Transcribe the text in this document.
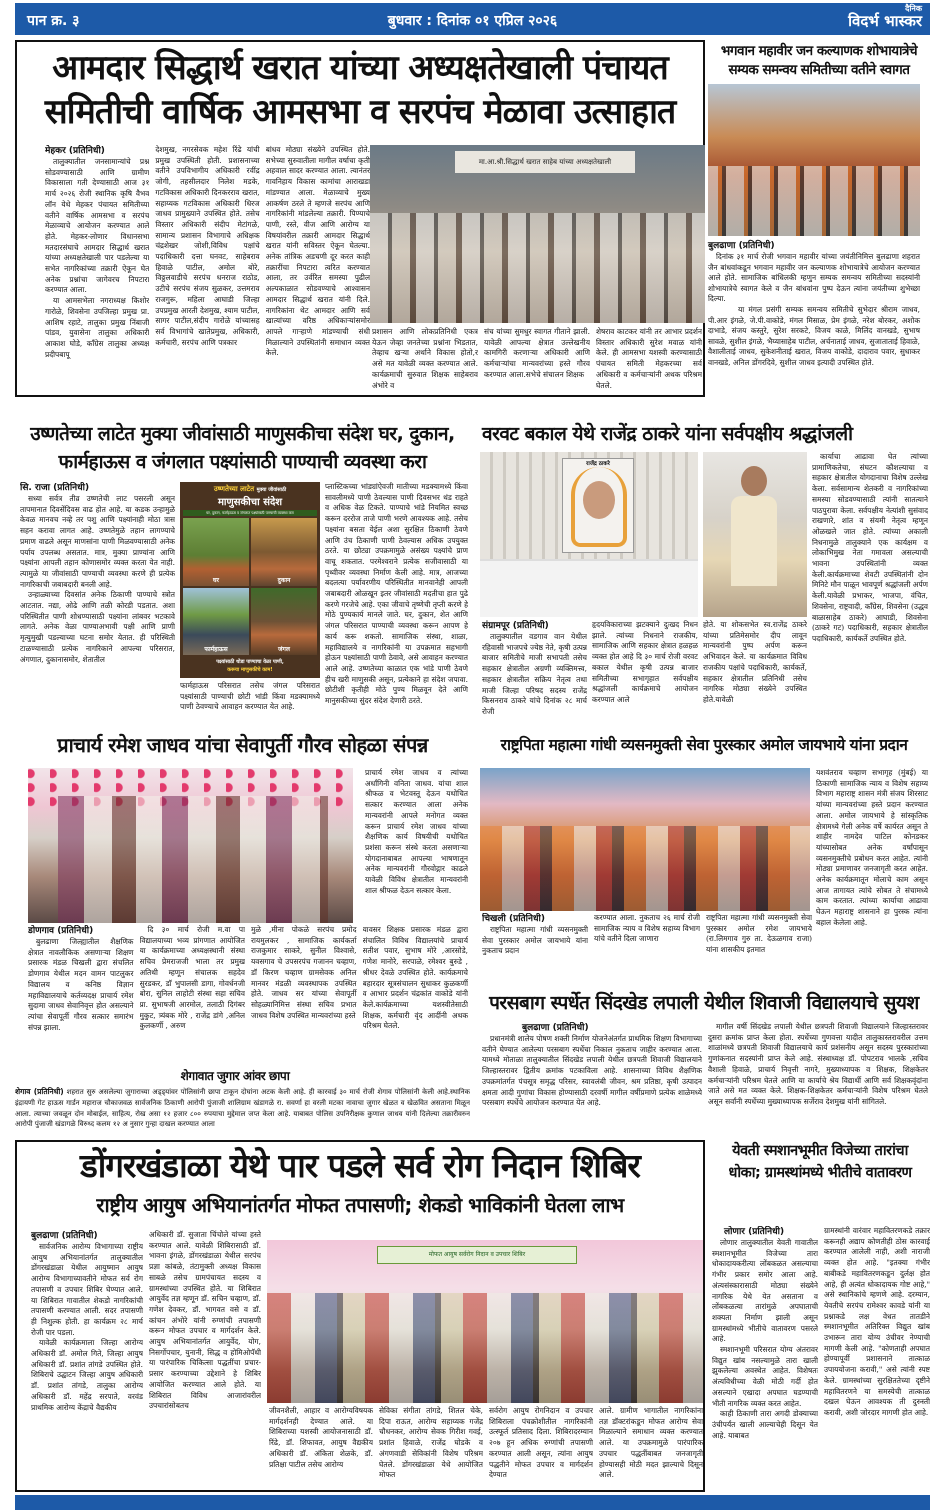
पान क्र. ३	बुधवार : दिनांक ०१ एप्रिल २०२६
दैनिक
विदर्भ भास्कर
आमदार सिद्धार्थ खरात यांच्या अध्यक्षतेखाली पंचायत
समितीची वार्षिक आमसभा व सरपंच मेळावा उत्साहात
मेहकर (प्रतिनिधी)

तालुक्यातील जनसामान्यांचे प्रश्न सोडवण्यासाठी आणि ग्रामीण विकासाला गती देण्यासाठी आज ३१ मार्च २०२६ रोजी स्थानिक कृषि वैभव लॉन येथे मेहकर पंचायत समितीच्या वतीने वार्षिक आमसभा व सरपंच मेळाव्याचे आयोजन करण्यात आले होते. मेहकर-लोणार विधानसभा मतदारसंघाचे आमदार सिद्धार्थ खरात यांच्या अध्यक्षतेखाली पार पडलेल्या या सभेत नागरिकांच्या तक्रारी ऐकून घेत अनेक प्रश्नांचा जागेवरच निपटारा करण्यात आला.

या आमसभेला नगराध्यक्ष किशोर गारोळे, शिवसेना उपजिल्हा प्रमुख प्रा. आशिष रहाटे, तालुका प्रमुख निंबाजी पांडव, युवासेना तालुका अधिकारी आकाश घोडे, काँग्रेस तालुका अध्यक्ष प्रदीपबापू

देशमुख, नगरसेवक महेश रिंढे यांची प्रमुख उपस्थिती होती. प्रशासनाच्या वतीने उपविभागीय अधिकारी रवींद्र जोगी, तहसीलदार निलेश मडके, गटविकास अधिकारी दिनकरराव खरात, सहाय्यक गटविकास अधिकारी धिरज जाधव प्रामुख्याने उपस्थित होते. तसेच विस्तार अधिकारी संदीप मेटांगळे, सामान्य प्रशासन विभागाचे अधिक्षक चंद्रशेखर जोशी,विविध पक्षांचे पदाधिकारी दत्ता घनवट, साहेबराव हिवाळे पाटील, अमोल बोरे, विठ्ठलवाडीचे सरपंच धनराज राठोड, उटीचे सरपंच संजय सुळकर, उत्तमराव राजगुरू, महिला आघाडी जिल्हा उपप्रमुख आरती देशमुख, श्याम पाटील, सागर पाटील,संदीप गारोळे यांच्यासह सर्व विभागांचे खातेप्रमुख, अधिकारी, कर्मचारी, सरपंच आणि पत्रकार

बांधव मोठ्या संख्येने उपस्थित होते. सभेच्या सुरुवातीला मागील वर्षाचा कृती अहवाल सादर करण्यात आला. त्यानंतर गावनिहाय विकास कामांचा आराखडा मांडण्यात आला. मेळाव्याचे मुख्य आकर्षण ठरले ते म्हणजे सरपंच आणि नागरिकांनी मांडलेल्या तक्रारी. पिण्याचे पाणी, रस्ते, वीज आणि आरोग्य या विषयांवरील तक्रारी आमदार सिद्धार्थ खरात यांनी सविस्तर ऐकून घेतल्या. अनेक तांत्रिक अडचणी दूर करत काही तक्रारींचा निपटारा त्वरित करण्यात आला, तर उर्वरित समस्या पुढील अल्पकाळात सोडवण्याचे आश्वासन आमदार सिद्धार्थ खरात यांनी दिले. नागरिकांना थेट आमदार आणि सर्व खात्यांच्या वरिष्ठ अधिकाऱ्यांसमोर आपले गाऱ्हाणे मांडण्याची संधी मिळाल्याने उपस्थितांनी समाधान व्यक्त केले.

मा.आ.श्री.सिद्धार्थ खरात साहेब यांच्या अध्यक्षतेखाली

प्रशासन आणि लोकप्रतिनिधी एकत्र येऊन जेव्हा जनतेच्या प्रश्नांना भिडतात, तेव्हाच खऱ्या अर्थाने विकास होतो,र असे मत यावेळी व्यक्त करण्यात आले. कार्यक्रमाची सुरुवात शिक्षक साहेबराव अंभोरे व

संच यांच्या सुमधुर स्वागत गीताने झाली. यावेळी आपल्या क्षेत्रात उल्लेखनीय कामगिरी करणाऱ्या अधिकारी आणि कर्मचाऱ्यांचा मान्यवरांच्या हस्ते गौरव करण्यात आला.सभेचे संचालन शिक्षक

शेषराव काटकर यांनी तर आभार प्रदर्शन विस्तार अधिकारी सुरेश मवाळ यांनी केले. ही आमसभा यशस्वी करण्यासाठी पंचायत समिती मेहकरच्या सर्व अधिकारी व कर्मचाऱ्यांनी अथक परिश्रम घेतले.

भगवान महावीर जन कल्याणक शोभायात्रेचे
सम्यक समन्वय समितीच्या वतीने स्वागत
बुलढाणा (प्रतिनिधी)

दिनांक ३१ मार्च रोजी भगवान महावीर यांच्या जयंतीनिमित्त बुलढाणा शहरात जैन बांधवांकडून भगवान महावीर जन कल्याणक शोभायात्रेचे आयोजन करण्यात आले होते. सामाजिक बांधिलकी म्हणुन सम्यक समन्वय समितीच्या सदस्यांनी शोभायात्रेचे स्वागत केले व जैन बांधवांना पुष्प देऊन त्यांना जयंतीच्या शुभेच्छा दिल्या.

या मंगल प्रसंगी सम्यक समन्वय समितीचे सुभेदार श्रीराम जाधव, पी.आर इंगळे, जे.पी.वाकोडे, मंगल मिसाळ, प्रेम इंगळे, नरेश बोरकर, अशोक दाभाडे, संजय कस्तुरे, सुरेश सरकटे, विजय काळे, मिलिंद वानखडे, सुभाष सावळे, सुशील इंगळे, भैय्यासाहेब पाटील, अर्चनाताई जाधव, सुजाताताई हिवाळे, वैशालीताई जाधव, सुकेशनीताई खरात, विजय वाकोडे, दादाराव पवार, सुधाकर वानखडे, अनिल डोंगरदिवे, सुशील जाधव इत्यादी उपस्थित होते.

उष्णतेच्या लाटेत मुक्या जीवांसाठी माणुसकीचा संदेश घर, दुकान,
फार्महाऊस व जंगलात पक्ष्यांसाठी पाण्याची व्यवस्था करा
सि. राजा (प्रतिनिधी)

सध्या सर्वत्र तीव्र उष्णतेची लाट पसरली असून तापमानात दिवसेंदिवस वाढ होत आहे. या कडक उन्हामुळे केवळ मानवच नव्हे तर पशु आणि पक्ष्यांनाही मोठा त्रास सहन करावा लागत आहे. उष्णतेमुळे तहान लागण्याचे प्रमाण वाढले असून माणसांना पाणी मिळवण्यासाठी अनेक पर्याय उपलब्ध असतात. मात्र, मुक्या प्राण्यांना आणि पक्ष्यांना आपली तहान कोणासमोर व्यक्त करता येत नाही. त्यामुळे या जीवांसाठी पाण्याची व्यवस्था करणे ही प्रत्येक नागरिकाची जबाबदारी बनली आहे.

उन्हाळ्याच्या दिवसांत अनेक ठिकाणी पाण्याचे स्त्रोत आटतात. नद्या, ओढे आणि तळी कोरडी पडतात. अशा परिस्थितीत पाणी शोधण्यासाठी पक्ष्यांना लांबवर भटकावे लागते. अनेक वेळा पाण्याअभावी पक्षी आणि प्राणी मृत्युमुखी पडल्याच्या घटना समोर येतात. ही परिस्थिती टाळण्यासाठी प्रत्येक नागरिकाने आपल्या परिसरात, अंगणात, दुकानासमोर, शेतातील

उष्णतेच्या लाटेत मुक्या जीवांसाठी
माणुसकीचा संदेश
घर, दुकान, फार्महाऊस व जंगलात पक्ष्यांसाठी पाण्याची व्यवस्था करा
घर	दुकान
फार्महाऊस	जंगल
पक्ष्यांसाठी थोडा पाण्याचा वेळा पाणी,
करूया माणुसकीचे काम!

फार्महाऊस परिसरात तसेच जंगल परिसरात पक्ष्यांसाठी पाण्याची छोटी भांडी किंवा मडक्यामध्ये पाणी ठेवण्याचे आवाहन करण्यात येत आहे.

प्लास्टिकच्या भांड्यांऐवजी मातीच्या मडक्यामध्ये किंवा सावलीमध्ये पाणी ठेवल्यास पाणी दिवसभर थंड राहते व अधिक वेळ टिकते. पाण्याचे भांडे नियमित स्वच्छ करून दररोज ताजे पाणी भरणे आवश्यक आहे. तसेच पक्ष्यांना बसता येईल अशा सुरक्षित ठिकाणी ठेवणे आणि उंच ठिकाणी पाणी ठेवल्यास अधिक उपयुक्त ठरते. या छोट्या उपक्रमामुळे असंख्य पक्ष्यांचे प्राण वाचू शकतात. परमेश्वराने प्रत्येक सजीवासाठी या पृथ्वीवर व्यवस्था निर्माण केली आहे. मात्र, आजच्या बदलत्या पर्यावरणीय परिस्थितीत मानवानेही आपली जबाबदारी ओळखून इतर जीवांसाठी मदतीचा हात पुढे करणे गरजेचे आहे. एका जीवाचे तृष्णेची तृप्ती करणे हे मोठे पुण्यकार्य मानले जाते. घर, दुकान, शेत आणि जंगल परिसरात पाण्याची व्यवस्था करून आपण हे कार्य करू शकतो. सामाजिक संस्था, शाळा, महाविद्यालये व नागरिकांनी या उपक्रमात सहभागी होऊन पक्ष्यांसाठी पाणी ठेवावे, असे आवाहन करण्यात आले आहे. उष्णतेच्या काळात एक भांडे पाणी ठेवणे हीच खरी माणुसकी असून, प्रत्येकाने हा संदेश जपावा. छोटीशी कृतीही मोठे पुण्य मिळवून देते आणि मानुसकीच्या सुंदर संदेश देणारी ठरते.

वरवट बकाल येथे राजेंद्र ठाकरे यांना सर्वपक्षीय श्रद्धांजली
राजेंद्र ठाकरे
संग्रामपूर (प्रतिनिधी)

तालुक्यातील वडगाव वान येथील रहिवासी भाजपचे ज्येष्ठ नेते, कृषी उत्पन्न बाजार समितीचे माजी सभापती तसेच सहकार क्षेत्रातील अग्रणी व्यक्तिमत्त्व, सहकार क्षेत्रातील सक्रिय नेतृत्व तथा माजी जिल्हा परिषद सदस्य राजेंद्र किसनराव ठाकरे यांचे दिनांक २८ मार्च रोजी

हृदयविकाराच्या झटक्याने दुःखद निधन झाले. त्यांच्या निधनाने राजकीय, सामाजिक आणि सहकार क्षेत्रात हळहळ व्यक्त होत आहे दि ३० मार्च रोजी वरवट बकाल येथील कृषी उत्पन्न बाजार समितीच्या सभागृहात सर्वपक्षीय श्रद्धांजली कार्यक्रमाचे आयोजन करण्यात आले

होते. या शोकसभेत स्व.राजेंद्र ठाकरे यांच्या प्रतिमेसमोर दीप लावून मान्यवरांनी पुष्प अर्पण करून अभिवादन केले. या कार्यक्रमात विविध राजकीय पक्षांचे पदाधिकारी, कार्यकर्ते, सहकार क्षेत्रातील प्रतिनिधी तसेच नागरिक मोठ्या संख्येने उपस्थित होते.यावेळी

कार्याचा आढावा घेत त्यांच्या प्रामाणिकतेचा, संघटन कौशल्याचा व सहकार क्षेत्रातील योगदानाचा विशेष उल्लेख केला. सर्वसामान्य शेतकरी व नागरिकांच्या समस्या सोडवण्यासाठी त्यांनी सातत्याने पाठपुरावा केला. सर्वपक्षीय नेत्यांशी सुसंवाद राखणारे, शांत व संयमी नेतृत्व म्हणून ओळखले जात होते. त्यांच्या अकाली निधनामुळे तालुक्याने एक कार्यक्षम व लोकाभिमुख नेता गमावला असल्याची भावना उपस्थितांनी व्यक्त केली.कार्यक्रमाच्या शेवटी उपस्थितांनी दोन मिनिटे मौन पाळून भावपूर्ण श्रद्धांजली अर्पण केली.यावेळी प्रभाकर, भाजपा, वंचित, शिवसेना, राष्ट्रवादी, काँग्रेस, शिवसेना (उद्धव बाळासाहेब ठाकरे) आघाडी, शिवसेना (ठाकरे गट) पदाधिकारी, सहकार क्षेत्रातील पदाधिकारी, कार्यकर्ते उपस्थित होते.

प्राचार्य रमेश जाधव यांचा सेवापुर्ती गौरव सोहळा संपन्न

प्राचार्य रमेश जाधव व त्यांच्या अर्धांगिनी वनिता जाधव. यांचा शाल श्रीफळ व भेटवस्तू देऊन यथोचित सत्कार करण्यात आला अनेक मान्यवरांनी आपले मनोगत व्यक्त करून प्राचार्य रमेश जाधव यांच्या शैक्षणिक कार्य विषयीची यथोचित प्रशंसा करून संस्थे करता असणाऱ्या योगदानाबाबत आपल्या भाषणातून अनेक मान्यवरांनी गौरवोद्गार काढले यावेळी विविध क्षेत्रातील मान्यवरांनी शाल श्रीफळ देऊन सत्कार केला.

डोणगाव (प्रतिनिधी)

बुलढाणा जिल्ह्यातील शैक्षणिक क्षेत्रात नावलौकिक असणाऱ्या शिक्षण प्रसारक मंडळ चिखली द्वारा संचलित डोणगाव येथील मदन वामन पाटलुकर विद्यालय व कनिष्ठ विज्ञान महाविद्यालयाचे कर्तव्यदक्ष प्राचार्य रमेश सुदामा जाधव सेवानिवृत्त होत असल्याने त्यांचा सेवापूर्ती गौरव सत्कार समारंभ संपन्न झाला.

दि ३० मार्च रोजी म.वा पा विद्यालयाच्या भव्य प्रांगणात आयोजित या कार्यक्रमाच्या अध्यक्षस्थानी संस्था सचिव प्रेमराजजी भाला तर प्रमुख अतिथी म्हणून संचालक सहदेव सुरडकर, डॉ भुपालसी डागा, गोवर्धनजी बोरा, सुनिल लाहोटी संस्था सहा सचिव प्रा. सुभाषजी आरमोल, तलाठी दिगंबर मुकुट, त्र्यंबक मोरे , राजेंद्र डांगे ,अनिल कुलकर्णी , अरुण

मुळे ,मीना पोकळे सरपंच प्रमोद रायमुलकर , सामाजिक कार्यकर्ता राजकुमार साकरे, सुनील विश्वासे, यवसगाव चे उपसरपंच गजानन चव्हाण, डॉ किरण चव्हाण ग्रामसेवक अनिल मानवर मंडळी व्यवस्थापक उपस्थित होते. जाधव सर यांच्या सेवापूर्ती सोहळ्यानिमित्त संस्था सचिव प्रभात जाधव विशेष उपस्थित मान्यवरांच्या हस्ते

यावसर शिक्षक प्रसारक मंडळ द्वारा संचालित विविध विद्यालयांचे प्राचार्य सतीश पवार, सुभाष मोरे ,आरसोडे, गणेश मानोरे, सरपाळे, रमेश्वर बुरुडे , श्रीधर देवळे उपस्थित होते. कार्यक्रमाचे बहारदार सूत्रसंचालन सुधाकर कुळकर्णी व आभार प्रदर्शन चंद्रकांत वाकोडे यांनी केले.कार्यक्रमाच्या यशस्वीतेसाठी शिक्षक, कर्मचारी वृंद आदींनी अथक परिश्रम घेतले.

राष्ट्रपिता महात्मा गांधी व्यसनमुक्ती सेवा पुरस्कार अमोल जायभाये यांना प्रदान

यशवंतराव चव्हाण सभागृह (मुंबई) या ठिकाणी सामाजिक न्याय व विशेष सहाय्य विभाग महाराष्ट्र शासन मंत्री संजय शिरसाट यांच्या मान्यवरांच्या हस्ते प्रदान करण्यात आला. अमोल जायभाये हे सांस्कृतिक क्षेत्रामध्ये गेली अनेक वर्षे कार्यरत असून ते शाहीर नामदेव पाटिल कोनडकर यांच्यासोबत अनेक वर्षांपासून व्यसनमुक्तीचे प्रबोधन करत आहेत. त्यांनी मोठ्या प्रमाणावर जनजागृती करत आहेत. अनेक कार्यक्रमातून मोलाचे काम असून आज तागायत त्यांचे सोबत ते संचामध्ये काम करतात. त्यांच्या कार्याचा आढावा घेऊन महाराष्ट्र शासनाने हा पुरस्क त्यांना बहाल केलेला आहे.

चिखली (प्रतिनिधी)

राष्ट्रपिता महात्मा गांधी व्यसनमुक्ती सेवा पुरस्कार अमोल जायभाये यांना नुकताच प्रदान

करण्यात आला. नुकताच २६ मार्च रोजी सामाजिक न्याय व विशेष सहाय्य विभाग यांचे वतीने दिला जाणारा

राष्ट्रपिता महात्मा गांधी व्यसनमुक्ती सेवा पुरस्कार अमोल रमेश जायभाये (रा.लिमगाव गुरु ता. देऊळगाव राजा) यांना शासकीय इतमात

परसबाग स्पर्धेत सिंदखेड लपाली येथील शिवाजी विद्यालयाचे सुयश
बुलढाणा (प्रतिनिधी)

प्रधानमंत्री शालेय पोषण शक्ती निर्माण योजनेअंतर्गत प्राथमिक शिक्षण विभागाच्या वतीने घेण्यात आलेल्या परसबाग स्पर्धेचा निकाल नुकताच जाहीर करण्यात आला. यामध्ये मोताळा तालुक्यातील सिंदखेड लपाली येथील छत्रपती शिवाजी विद्यालयाने जिल्हास्तरावर द्वितीय क्रमांक पटकाविला आहे. शासनाच्या विविध शैक्षणिक उपक्रमांतर्गत पंचसूत्र समृद्ध परिसर, स्वावलंबी जीवन, श्रम प्रतिष्ठा, कृषी उत्पादन क्षमता आदी गुणांचा विकास होण्यासाठी दरवर्षी मागील वर्षीप्रमाणे प्रत्येक शाळेमध्ये परसबाग स्पर्धेचे आयोजन करण्यात येत आहे.

मागील वर्षी सिंदखेड लपाली येथील छत्रपती शिवाजी विद्यालयाने जिल्हास्तरावर दुसरा क्रमांक प्राप्त केला होता. स्पर्धेच्या गुणवत्ता यादीत तालुकास्तरावरील उत्तम शाळांमध्ये छत्रपती शिवाजी विद्यालयाचे कार्य प्रशंसनीय असून सदस्य पुरस्कारांच्या गुणांकनात सदस्यांनी प्राप्त केले आहे. संस्थाध्यक्ष डॉ. पोपटराव भालके ,सचिव वैशाली हिवाळे, प्राचार्य निवृत्ती नागरे, मुख्याध्यापक व शिक्षक, शिक्षकेतर कर्मचाऱ्यांनी परिश्रम घेतले आणि या कार्याचे श्रेय विद्यार्थी आणि सर्व शिक्षकवृंदांना जाते असे मत व्यक्त केले. शिक्षक-शिक्षकेतर कर्मचाऱ्यांनी विशेष परिश्रम घेतले असून सर्वांनी स्पर्धेच्या मुख्याध्यापक सर्जेराव देशमुख यांनी सांगितले.

शेगावात जुगार आंवर छापा
शेगाव (प्रतिनिधी) शहरात सुरु असलेल्या जुगाराच्या अड्ड्यांवर पोलिसांनी छापा टाकून दोघांना अटक केली आहे. ही कारवाई ३० मार्च रोजी शेगाव पोलिसांनी केली आहे.स्थानिक इंद्रायणी गेट हाऊस गार्डन महाराज चौकाजवळ सार्वजनिक ठिकाणी आरोपी पुंजाजी शालिग्राम खंडागळे रा. सवर्णा हा वरली मटका नावाचा जुगार खेळत व खेळवित असताना मिळून आला. त्याच्या जवळून दोन मोबाईल, साहित्य, रोख असा १२ हजार ८०० रुपयाचा मुद्देमाल जप्त केला आहे. याबाबत पोलिस उपनिरीक्षक कुणाल जाधव यांनी दिलेल्या तक्रारीवरुन आरोपी पुंजाजी खंडागळे विरुध्द कलम १२ अ नुसार गुन्हा दाखल करण्यात आला
डोंगरखंडाळा येथे पार पडले सर्व रोग निदान शिबिर
राष्ट्रीय आयुष अभियानांतर्गत मोफत तपासणी; शेकडो भाविकांनी घेतला लाभ
बुलढाणा (प्रतिनिधी)

सार्वजनिक आरोग्य विभागाच्या राष्ट्रीय आयुष अभियानांतर्गत तालुक्यातील डोंगरखंडाळा येथील आयुष्मान आयुष आरोग्य विभागाच्यावतीने मोफत सर्व रोग तपासणी व उपचार शिबिर घेण्यात आले. या शिबिरात गावातील शेकडो नागरिकांची तपासणी करण्यात आली. सदर तपासणी ही निशुल्क होती. हा कार्यक्रम २८ मार्च रोजी पार पडला.

यावेळी कार्यक्रमाला जिल्हा आरोग्य अधिकारी डॉ. अमोल गिते, जिल्हा आयुष अधिकारी डॉ. प्रशांत तांगडे उपस्थित होते. शिबिराचे उद्घाटन जिल्हा आयुष अधिकारी डॉ. प्रशांत तांगडे, तालुका आरोग्य अधिकारी डॉ. महेंद्र सरपाते, वरवंड प्राथमिक आरोग्य केंद्राचे वैद्यकीय

अधिकारी डॉ. सुजाता चिंचोले यांच्या हस्ते करण्यात आले. यावेळी शिबिरासाठी डॉ. भावना इंगळे, डोंगरखंडाळा येथील सरपंच प्रज्ञा कांबळे, तंटामुक्ती अध्यक्ष विकास साबळे तसेच ग्रामपंचायत सदस्य व ग्रामस्थांच्या उपस्थित होते. या शिबिरात आयुर्वेद तज्ञ म्हणून डॉ. सचिन चव्हाण, डॉ. गणेश देवकर, डॉ. भागवत वसे व डॉ. कांचन अंभोरे यांनी रुग्णांची तपासणी करून मोफत उपचार व मार्गदर्शन केले. आयुष अभियानांतर्गत आयुर्वेद, योग, निसर्गोपचार, युनानी, सिद्ध व होमिओपॅथी या पारंपारिक चिकित्सा पद्धतींचा प्रचार-प्रसार करण्याच्या उद्देशाने हे शिबिर आयोजित करण्यात आले होते. या शिबिरात विविध आजारांवरील उपचारांसोबतच

मोफत आयुष सर्वरोग निदान व उपचार शिबिर

जीवनशैली, आहार व आरोग्यविषयक मार्गदर्शनही देण्यात आले. या शिबिराच्या यशस्वी आयोजनासाठी डॉ. रिंढे, डॉ. शिफावत, आयुष वैद्यकीय अधिकारी डॉ. अंकिता शेळके, डॉ. प्रतिक्षा पाटील तसेच आरोग्य

सेविका संगीता तांगडे, शितल चेके, दिपा राऊत, आरोग्य सहाय्यक गजेंद्र चौधनकर, आरोग्य सेवक गिरीश गवई, प्रशांत हिवाळे, राजेंद्र घोडके व अंगणवाडी सेविकांनी विशेष परिश्रम घेतले. डोंगरखंडाळा येथे आयोजित मोफत

सर्वरोग आयुष रोगनिदान व उपचार शिबिराला पंचक्रोशीतील नागरिकांनी उत्स्फूर्त प्रतिसाद दिला. शिबिरादरम्यान २०७ हून अधिक रुग्णांची तपासणी करण्यात आली असून, त्यांना आयुष पद्धतीने मोफत उपचार व मार्गदर्शन देण्यात

आले. ग्रामीण भागातील नागरिकांना तज्ञ डॉक्टरांकडून मोफत आरोग्य सेवा मिळाल्याने समाधान व्यक्त करण्यात आले. या उपक्रमामुळे पारंपारिक उपचार पद्धतींबाबत जनजागृती होण्यासही मोठी मदत झाल्याचे दिसून आले.

येवती स्मशानभूमीत विजेच्या तारांचा
धोका; ग्रामस्थांमध्ये भीतीचे वातावरण
लोणार (प्रतिनिधी)

लोणार तालुक्यातील येवती गावातील स्मशानभूमीत विजेच्या तारा धोकादायकरीत्या लोंबकळत असल्याचा गंभीर प्रकार समोर आला आहे. अंत्यसंस्कारासाठी मोठ्या संख्येने नागरिक येथे येत असताना व लोंबकळत्या तारांमुळे अपघाताची शक्यता निर्माण झाली असून ग्रामस्थांमध्ये भीतीचे वातावरण पसरले आहे.

स्मशानभूमी परिसरात योग्य अंतरावर विद्युत खांब नसल्यामुळे तारा खाली झुकलेल्या अवस्थेत आहेत. विशेषतः अंत्यविधीच्या वेळी मोठी गर्दी होत असल्याने एखादा अपघात घडण्याची भीती नागरिक व्यक्त करत आहेत.

काही ठिकाणी तारा अगदी डोक्याच्या उंचीपर्यंत खाली आल्याचेही दिसून येत आहे. याबाबत

ग्रामस्थांनी वारंवार महावितरणकडे तक्रार करूनही अद्याप कोणतीही ठोस कारवाई करण्यात आलेली नाही, अशी नाराजी व्यक्त होत आहे. "इतक्या गंभीर बाबीकडे महावितरणकडून दुर्लक्ष होत आहे, ही अत्यंत धोकादायक गोष्ट आहे," असे स्थानिकांचे म्हणणे आहे. दरम्यान, येवतीचे सरपंच रामेश्वर कावडे यांनी या प्रश्नाकडे लक्ष वेधत तातडीने स्मशानभूमीत अतिरिक्त विद्युत खांब उभारून तारा योग्य उंचीवर नेण्याची मागणी केली आहे. "कोणताही अपघात होण्यापूर्वी प्रशासनाने तात्काळ उपाययोजना करावी," असे त्यांनी स्पष्ट केले. ग्रामस्थांच्या सुरक्षिततेच्या दृष्टीने महावितरणने या समस्येची तात्काळ दखल घेऊन आवश्यक ती दुरुस्ती करावी, अशी जोरदार मागणी होत आहे.
